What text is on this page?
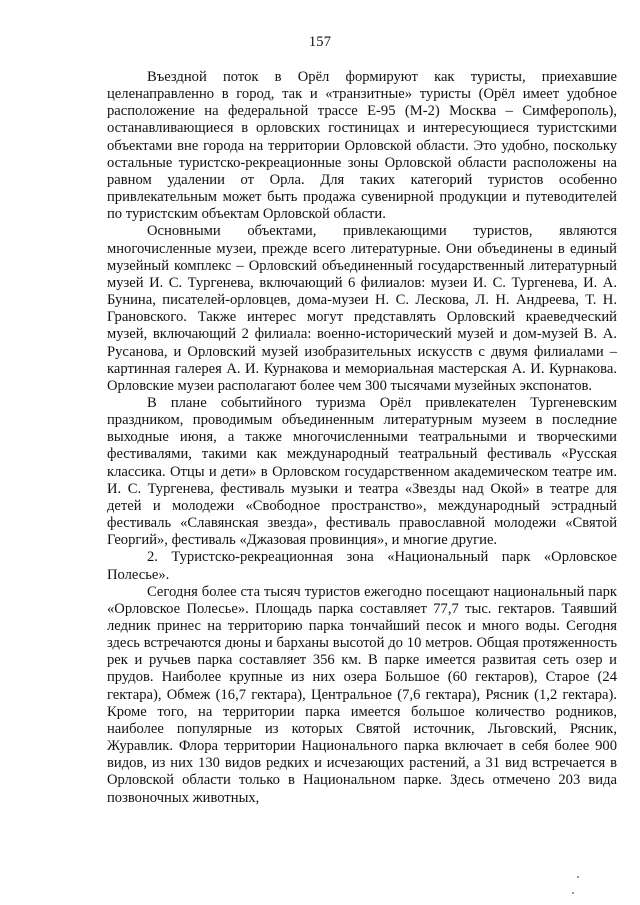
157

Въездной поток в Орёл формируют как туристы, приехавшие целенаправленно в город, так и «транзитные» туристы (Орёл имеет удобное расположение на федеральной трассе Е-95 (М-2) Москва – Симферополь), останавливающиеся в орловских гостиницах и интересующиеся туристскими объектами вне города на территории Орловской области. Это удобно, поскольку остальные туристско-рекреационные зоны Орловской области расположены на равном удалении от Орла. Для таких категорий туристов особенно привлекательным может быть продажа сувенирной продукции и путеводителей по туристским объектам Орловской области.

Основными объектами, привлекающими туристов, являются многочисленные музеи, прежде всего литературные. Они объединены в единый музейный комплекс – Орловский объединенный государственный литературный музей И. С. Тургенева, включающий 6 филиалов: музеи И. С. Тургенева, И. А. Бунина, писателей-орловцев, дома-музеи Н. С. Лескова, Л. Н. Андреева, Т. Н. Грановского. Также интерес могут представлять Орловский краеведческий музей, включающий 2 филиала: военно-исторический музей и дом-музей В. А. Русанова, и Орловский музей изобразительных искусств с двумя филиалами – картинная галерея А. И. Курнакова и мемориальная мастерская А. И. Курнакова. Орловские музеи располагают более чем 300 тысячами музейных экспонатов.

В плане событийного туризма Орёл привлекателен Тургеневским праздником, проводимым объединенным литературным музеем в последние выходные июня, а также многочисленными театральными и творческими фестивалями, такими как международный театральный фестиваль «Русская классика. Отцы и дети» в Орловском государственном академическом театре им. И. С. Тургенева, фестиваль музыки и театра «Звезды над Окой» в театре для детей и молодежи «Свободное пространство», международный эстрадный фестиваль «Славянская звезда», фестиваль православной молодежи «Святой Георгий», фестиваль «Джазовая провинция», и многие другие.

2. Туристско-рекреационная зона «Национальный парк «Орловское Полесье».

Сегодня более ста тысяч туристов ежегодно посещают национальный парк «Орловское Полесье». Площадь парка составляет 77,7 тыс. гектаров. Таявший ледник принес на территорию парка тончайший песок и много воды. Сегодня здесь встречаются дюны и барханы высотой до 10 метров. Общая протяженность рек и ручьев парка составляет 356 км. В парке имеется развитая сеть озер и прудов. Наиболее крупные из них озера Большое (60 гектаров), Старое (24 гектара), Обмеж (16,7 гектара), Центральное (7,6 гектара), Рясник (1,2 гектара). Кроме того, на территории парка имеется большое количество родников, наиболее популярные из которых Святой источник, Льговский, Рясник, Журавлик. Флора территории Национального парка включает в себя более 900 видов, из них 130 видов редких и исчезающих растений, а 31 вид встречается в Орловской области только в Национальном парке. Здесь отмечено 203 вида позвоночных животных,
